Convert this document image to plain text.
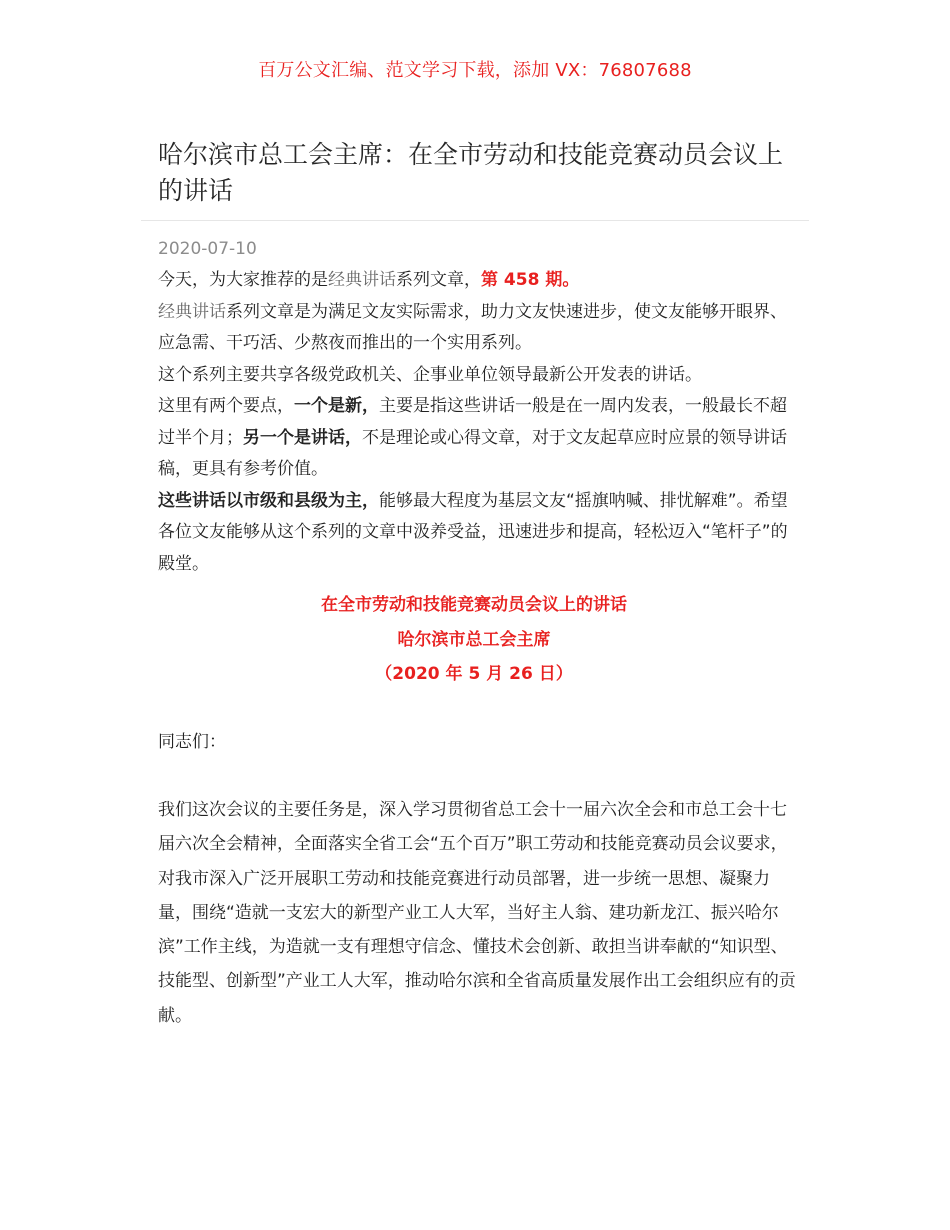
百万公文汇编、范文学习下载，添加 VX：76807688
哈尔滨市总工会主席：在全市劳动和技能竞赛动员会议上的讲话
2020-07-10

今天，为大家推荐的是经典讲话系列文章，第 458 期。

经典讲话系列文章是为满足文友实际需求，助力文友快速进步，使文友能够开眼界、应急需、干巧活、少熬夜而推出的一个实用系列。

这个系列主要共享各级党政机关、企事业单位领导最新公开发表的讲话。

这里有两个要点，一个是新，主要是指这些讲话一般是在一周内发表，一般最长不超过半个月；另一个是讲话，不是理论或心得文章，对于文友起草应时应景的领导讲话稿，更具有参考价值。

这些讲话以市级和县级为主，能够最大程度为基层文友“摇旗呐喊、排忧解难”。希望各位文友能够从这个系列的文章中汲养受益，迅速进步和提高，轻松迈入“笔杆子”的殿堂。

在全市劳动和技能竞赛动员会议上的讲话
哈尔滨市总工会主席
（2020 年 5 月 26 日）
同志们：

我们这次会议的主要任务是，深入学习贯彻省总工会十一届六次全会和市总工会十七届六次全会精神，全面落实全省工会“五个百万”职工劳动和技能竞赛动员会议要求，对我市深入广泛开展职工劳动和技能竞赛进行动员部署，进一步统一思想、凝聚力量，围绕“造就一支宏大的新型产业工人大军，当好主人翁、建功新龙江、振兴哈尔滨”工作主线，为造就一支有理想守信念、懂技术会创新、敢担当讲奉献的“知识型、技能型、创新型”产业工人大军，推动哈尔滨和全省高质量发展作出工会组织应有的贡献。
